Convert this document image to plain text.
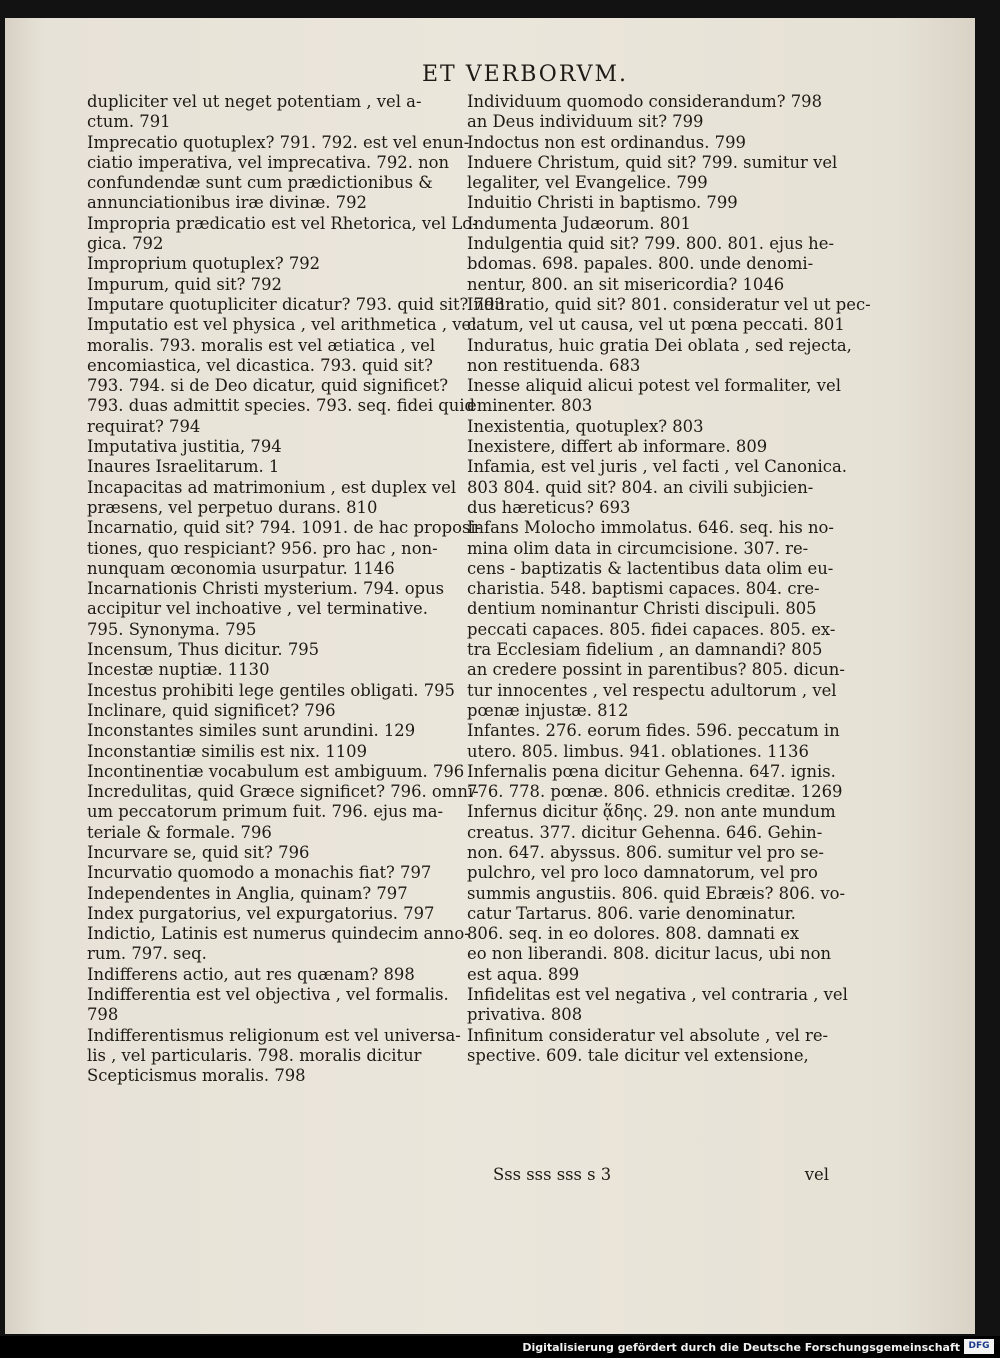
ET VERBORVM.

dupliciter vel ut neget potentiam , vel a-

ctum. 791

Imprecatio quotuplex? 791. 792. est vel enun-

ciatio imperativa, vel imprecativa. 792. non

confundendæ sunt cum prædictionibus &

annunciationibus iræ divinæ. 792

Impropria prædicatio est vel Rhetorica, vel Lo-

gica. 792

Improprium quotuplex? 792

Impurum, quid sit? 792

Imputare quotupliciter dicatur? 793. quid sit? 793

Imputatio est vel physica , vel arithmetica , vel

moralis. 793. moralis est vel ætiatica , vel

encomiastica, vel dicastica. 793. quid sit?

793. 794. si de Deo dicatur, quid significet?

793. duas admittit species. 793. seq. fidei quid

requirat? 794

Imputativa justitia, 794

Inaures Israelitarum. 1

Incapacitas ad matrimonium , est duplex vel

præsens, vel perpetuo durans. 810

Incarnatio, quid sit? 794. 1091. de hac proposi-

tiones, quo respiciant? 956. pro hac , non-

nunquam œconomia usurpatur. 1146

Incarnationis Christi mysterium. 794. opus

accipitur vel inchoative , vel terminative.

795. Synonyma. 795

Incensum, Thus dicitur. 795

Incestæ nuptiæ. 1130

Incestus prohibiti lege gentiles obligati. 795

Inclinare, quid significet? 796

Inconstantes similes sunt arundini. 129

Inconstantiæ similis est nix. 1109

Incontinentiæ vocabulum est ambiguum. 796

Incredulitas, quid Græce significet? 796. omni-

um peccatorum primum fuit. 796. ejus ma-

teriale & formale. 796

Incurvare se, quid sit? 796

Incurvatio quomodo a monachis fiat? 797

Independentes in Anglia, quinam? 797

Index purgatorius, vel expurgatorius. 797

Indictio, Latinis est numerus quindecim anno-

rum. 797. seq.

Indifferens actio, aut res quænam? 898

Indifferentia est vel objectiva , vel formalis.

798

Indifferentismus religionum est vel universa-

lis , vel particularis. 798. moralis dicitur

Scepticismus moralis. 798

Individuum quomodo considerandum? 798

an Deus individuum sit? 799

Indoctus non est ordinandus. 799

Induere Christum, quid sit? 799. sumitur vel

legaliter, vel Evangelice. 799

Induitio Christi in baptismo. 799

Indumenta Judæorum. 801

Indulgentia quid sit? 799. 800. 801. ejus he-

bdomas. 698. papales. 800. unde denomi-

nentur, 800. an sit misericordia? 1046

Induratio, quid sit? 801. consideratur vel ut pec-

catum, vel ut causa, vel ut pœna peccati. 801

Induratus, huic gratia Dei oblata , sed rejecta,

non restituenda. 683

Inesse aliquid alicui potest vel formaliter, vel

eminenter. 803

Inexistentia, quotuplex? 803

Inexistere, differt ab informare. 809

Infamia, est vel juris , vel facti , vel Canonica.

803 804. quid sit? 804. an civili subjicien-

dus hæreticus? 693

Infans Molocho immolatus. 646. seq. his no-

mina olim data in circumcisione. 307. re-

cens - baptizatis & lactentibus data olim eu-

charistia. 548. baptismi capaces. 804. cre-

dentium nominantur Christi discipuli. 805

peccati capaces. 805. fidei capaces. 805. ex-

tra Ecclesiam fidelium , an damnandi? 805

an credere possint in parentibus? 805. dicun-

tur innocentes , vel respectu adultorum , vel

pœnæ injustæ. 812

Infantes. 276. eorum fides. 596. peccatum in

utero. 805. limbus. 941. oblationes. 1136

Infernalis pœna dicitur Gehenna. 647. ignis.

776. 778. pœnæ. 806. ethnicis creditæ. 1269

Infernus dicitur ᾅδης. 29. non ante mundum

creatus. 377. dicitur Gehenna. 646. Gehin-

non. 647. abyssus. 806. sumitur vel pro se-

pulchro, vel pro loco damnatorum, vel pro

summis angustiis. 806. quid Ebræis? 806. vo-

catur Tartarus. 806. varie denominatur.

806. seq. in eo dolores. 808. damnati ex

eo non liberandi. 808. dicitur lacus, ubi non

est aqua. 899

Infidelitas est vel negativa , vel contraria , vel

privativa. 808

Infinitum consideratur vel absolute , vel re-

spective. 609. tale dicitur vel extensione,

Sss sss sss s 3	vel
Digitalisierung gefördert durch die Deutsche Forschungsgemeinschaft DFG
